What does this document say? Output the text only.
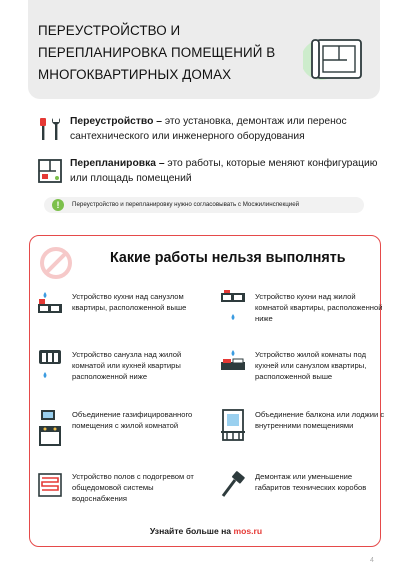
ПЕРЕУСТРОЙСТВО И ПЕРЕПЛАНИРОВКА ПОМЕЩЕНИЙ В МНОГОКВАРТИРНЫХ ДОМАХ
Переустройство – это установка, демонтаж или перенос сантехнического или инженерного оборудования
Перепланировка – это работы, которые меняют конфигурацию или площадь помещений
!	Переустройство и перепланировку нужно согласовывать с Мосжилинспекцией
Какие работы нельзя выполнять
Устройство кухни над санузлом квартиры, расположенной выше
Устройство кухни над жилой комнатой квартиры, расположенной ниже
Устройство санузла над жилой комнатой или кухней квартиры расположенной ниже
Устройство жилой комнаты под кухней или санузлом квартиры, расположенной выше
Объединение газифицированного помещения с жилой комнатой
Объединение балкона или лоджии с внутренними помещениями
Устройство полов с подогревом от общедомовой системы водоснабжения
Демонтаж или уменьшение габаритов технических коробов
Узнайте больше на mos.ru
4
